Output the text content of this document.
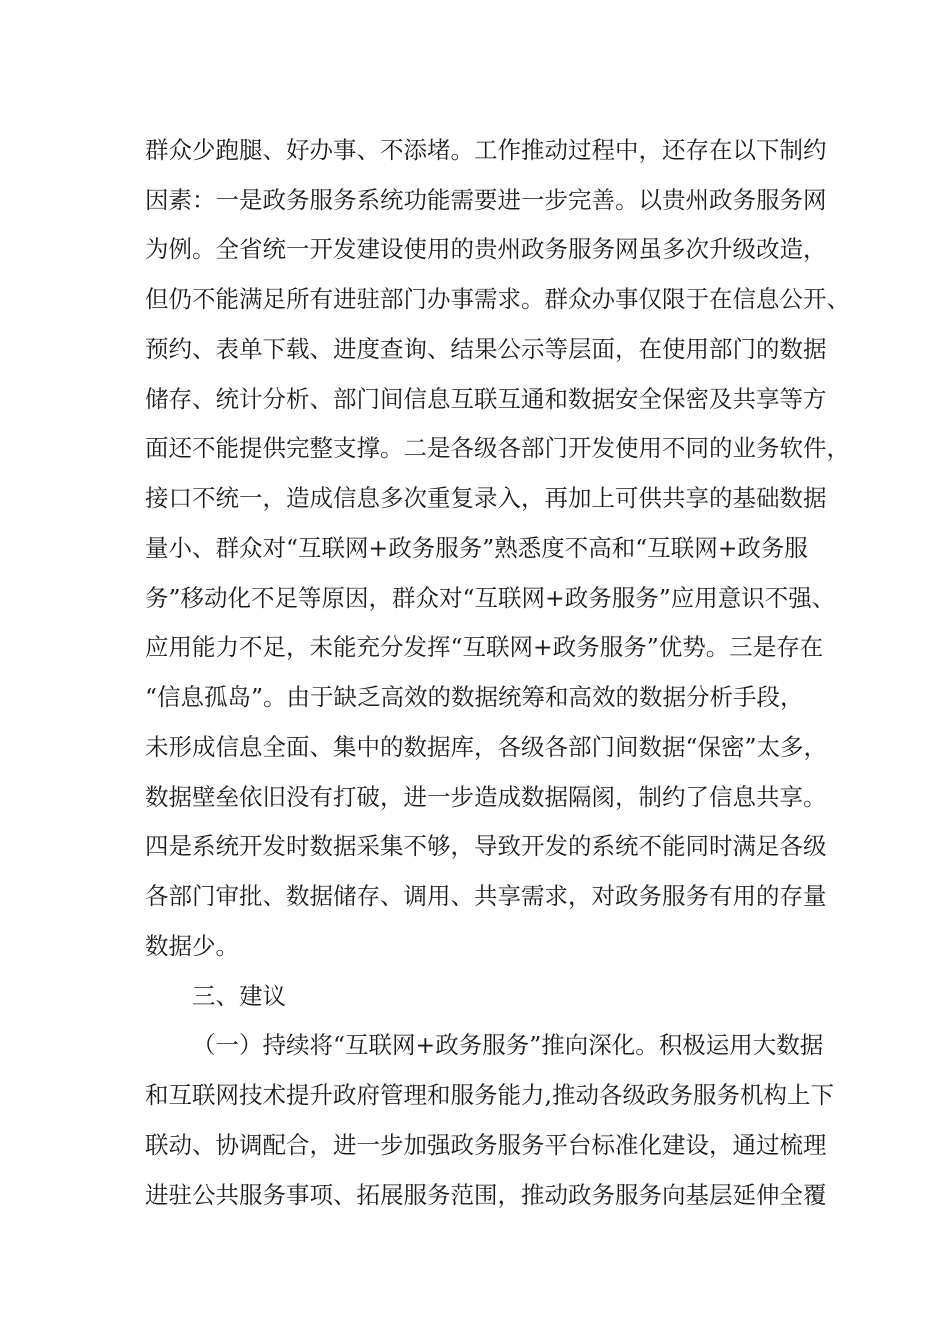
群众少跑腿、好办事、不添堵。工作推动过程中，还存在以下制约
因素：一是政务服务系统功能需要进一步完善。以贵州政务服务网
为例。全省统一开发建设使用的贵州政务服务网虽多次升级改造，
但仍不能满足所有进驻部门办事需求。群众办事仅限于在信息公开、
预约、表单下载、进度查询、结果公示等层面，在使用部门的数据
储存、统计分析、部门间信息互联互通和数据安全保密及共享等方
面还不能提供完整支撑。二是各级各部门开发使用不同的业务软件，
接口不统一，造成信息多次重复录入，再加上可供共享的基础数据
量小、群众对“互联网+政务服务”熟悉度不高和“互联网+政务服
务”移动化不足等原因，群众对“互联网+政务服务”应用意识不强、
应用能力不足，未能充分发挥“互联网+政务服务”优势。三是存在
“信息孤岛”。由于缺乏高效的数据统筹和高效的数据分析手段，
未形成信息全面、集中的数据库，各级各部门间数据“保密”太多，
数据壁垒依旧没有打破，进一步造成数据隔阂，制约了信息共享。
四是系统开发时数据采集不够，导致开发的系统不能同时满足各级
各部门审批、数据储存、调用、共享需求，对政务服务有用的存量
数据少。
三、建议
（一）持续将“互联网+政务服务”推向深化。积极运用大数据
和互联网技术提升政府管理和服务能力,推动各级政务服务机构上下
联动、协调配合，进一步加强政务服务平台标准化建设，通过梳理
进驻公共服务事项、拓展服务范围，推动政务服务向基层延伸全覆
